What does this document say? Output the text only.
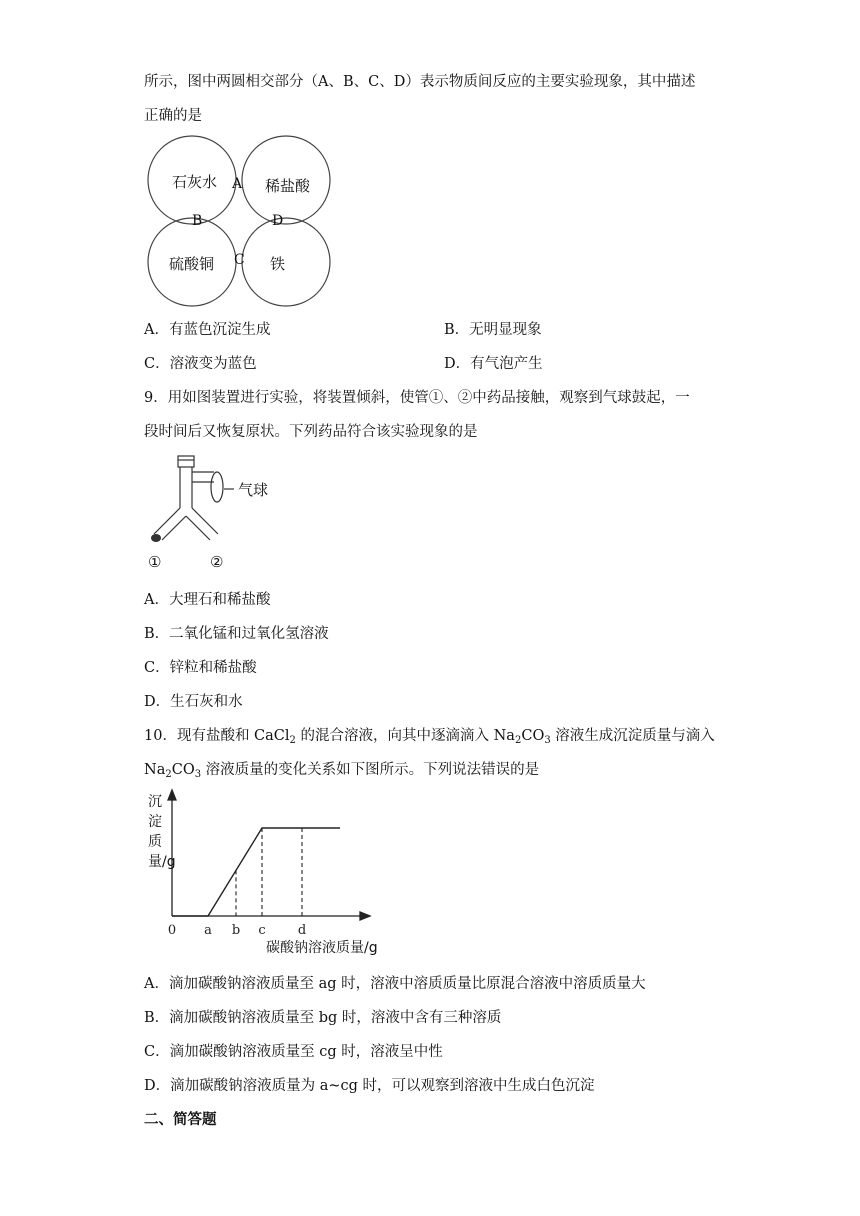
所示，图中两圆相交部分（A、B、C、D）表示物质间反应的主要实验现象，其中描述
正确的是
石灰水	稀盐酸
硫酸铜	铁
A
B
C
D
A．有蓝色沉淀生成	B．无明显现象
C．溶液变为蓝色	D．有气泡产生
9．用如图装置进行实验，将装置倾斜，使管①、②中药品接触，观察到气球鼓起，一
段时间后又恢复原状。下列药品符合该实验现象的是
气球
①	②
A．大理石和稀盐酸
B．二氧化锰和过氧化氢溶液
C．锌粒和稀盐酸
D．生石灰和水
10．现有盐酸和 CaCl$_2$ 的混合溶液，向其中逐滴滴入 $Na_2CO_3$ 溶液生成沉淀质量与滴入
$Na_2CO_3$ 溶液质量的变化关系如下图所示。下列说法错误的是
0 a b c d
沉淀质量/g
碳酸钠溶液质量/g
A．滴加碳酸钠溶液质量至 ag 时，溶液中溶质质量比原混合溶液中溶质质量大
B．滴加碳酸钠溶液质量至 bg 时，溶液中含有三种溶质
C．滴加碳酸钠溶液质量至 cg 时，溶液呈中性
D．滴加碳酸钠溶液质量为 a~cg 时，可以观察到溶液中生成白色沉淀
二、简答题
